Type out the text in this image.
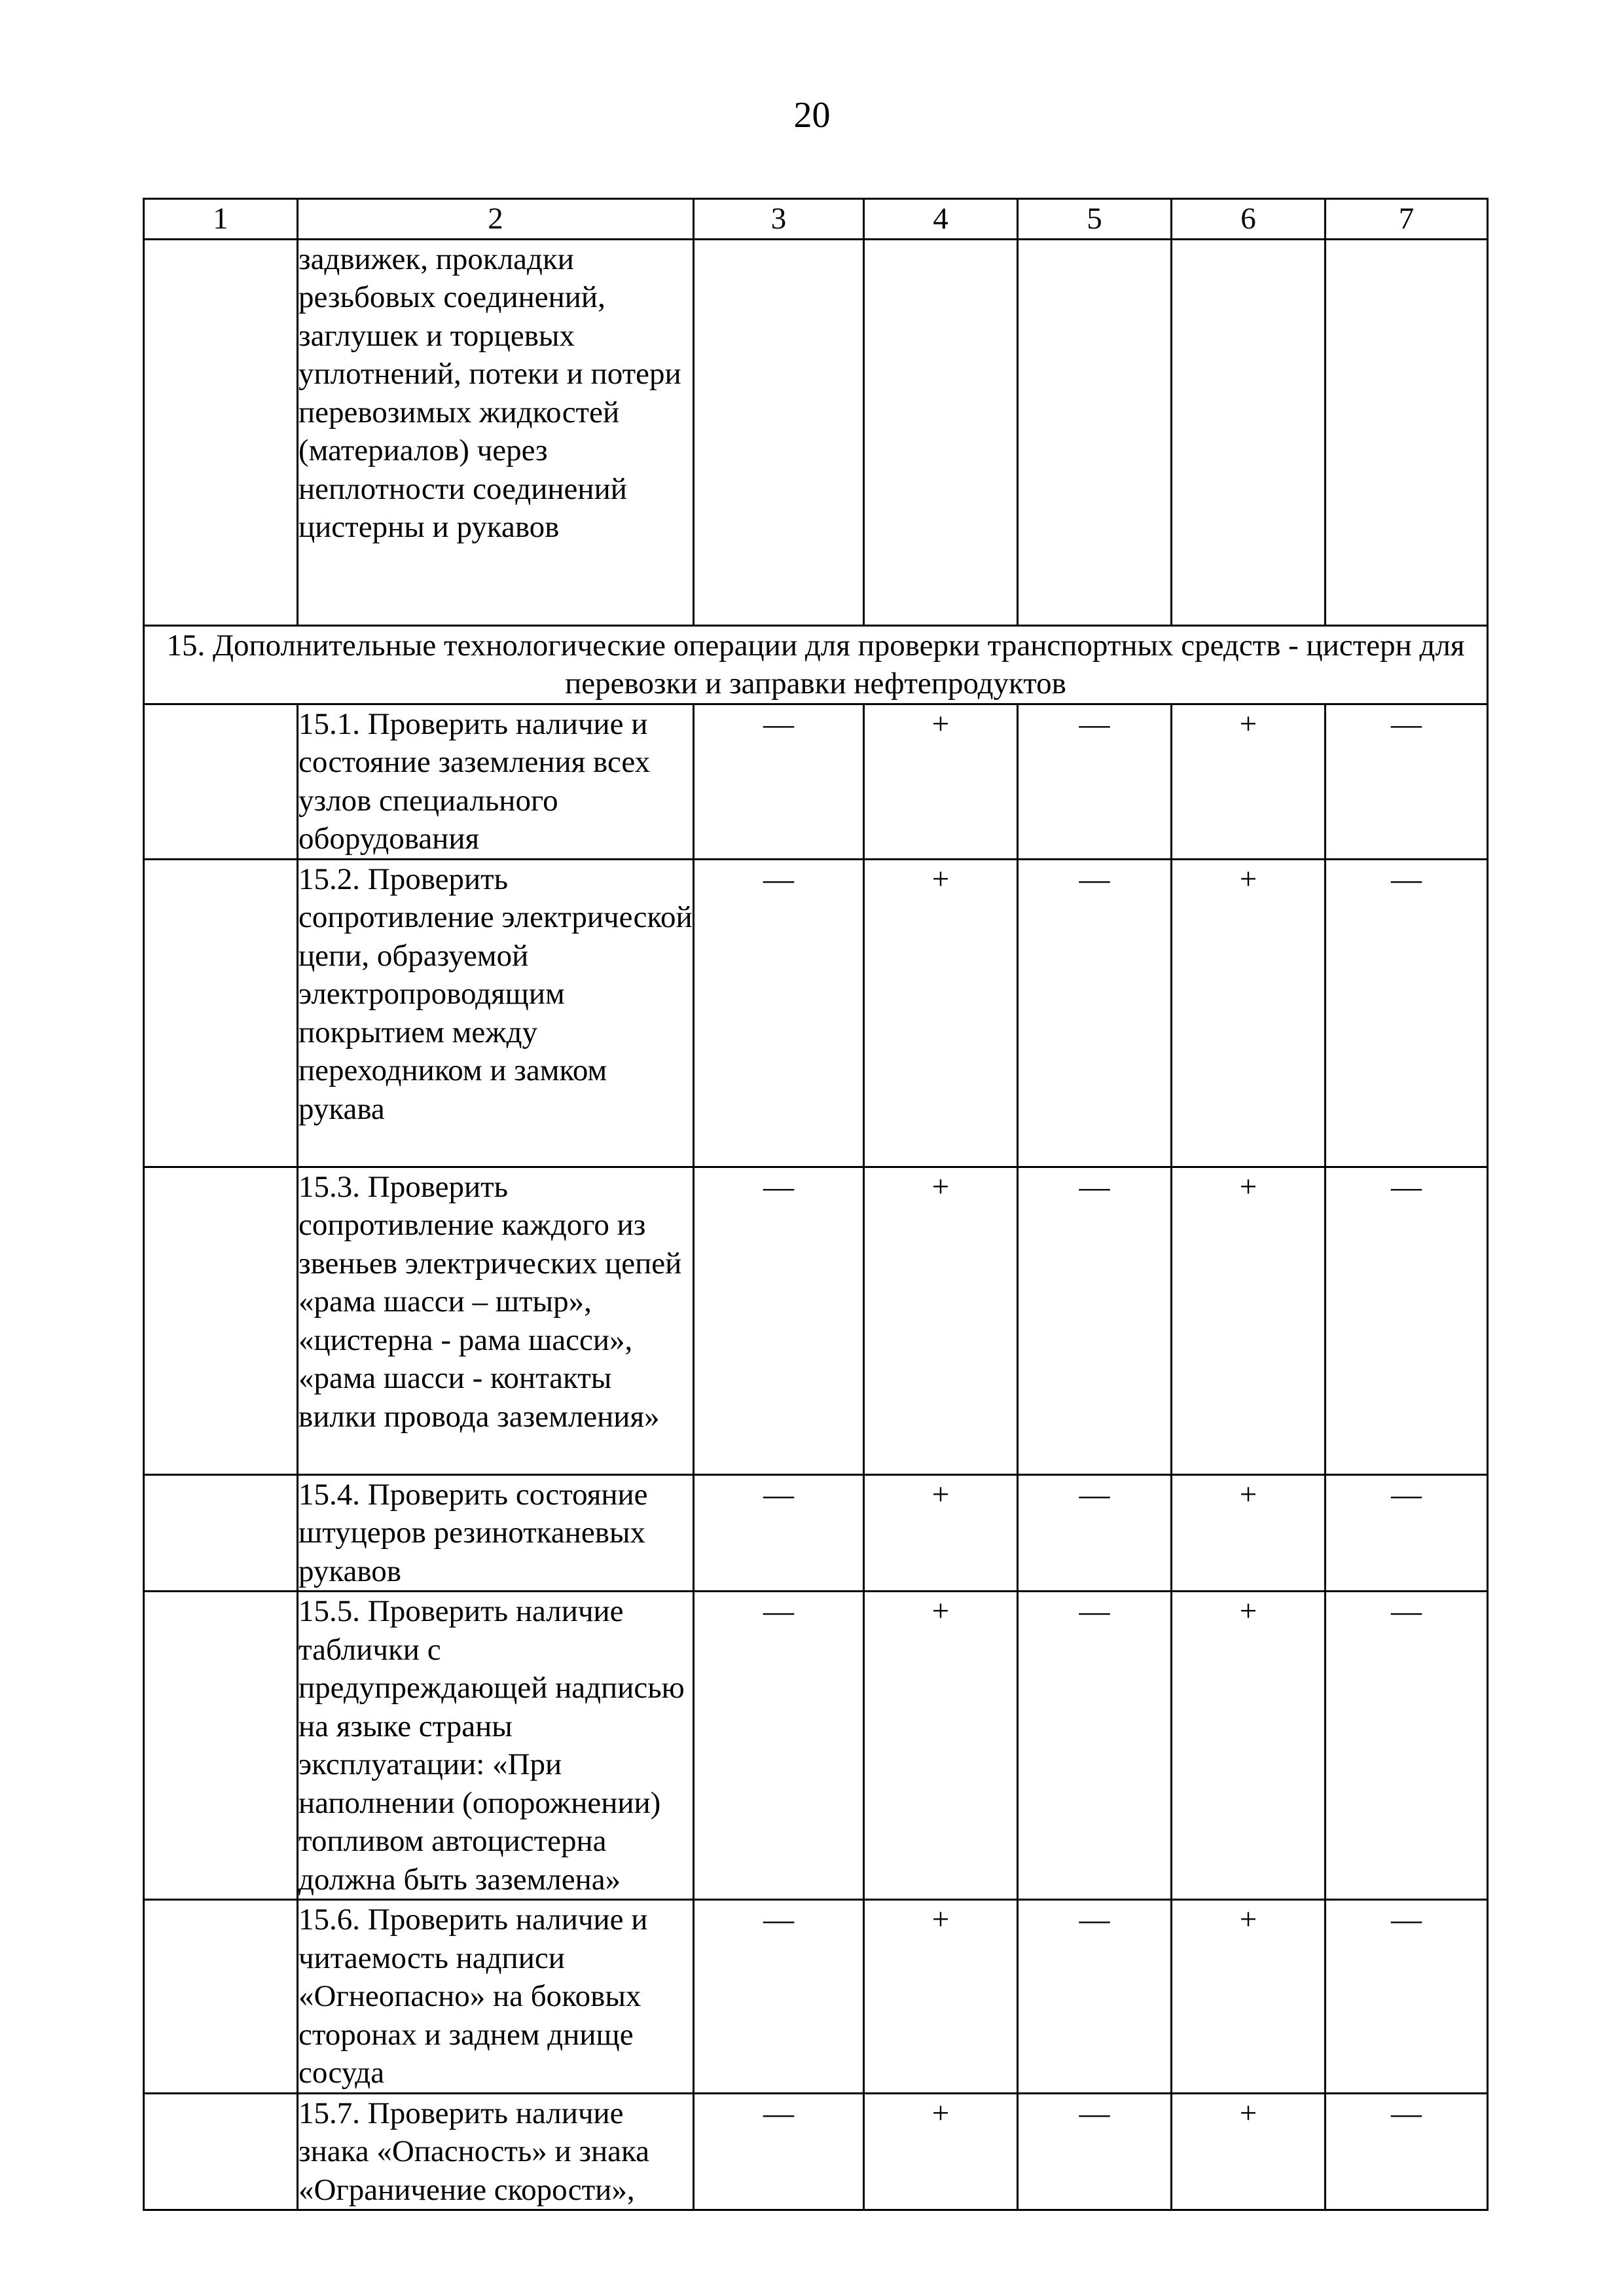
20
1	2	3	4	5	6	7
	задвижек, прокладки резьбовых соединений, заглушек и торцевых уплотнений, потеки и потери перевозимых жидкостей (материалов) через неплотности соединений цистерны и рукавов					
15. Дополнительные технологические операции для проверки транспортных средств - цистерн для перевозки и заправки нефтепродуктов						
	15.1. Проверить наличие и состояние заземления всех узлов специального оборудования	—	+	—	+	—
	15.2. Проверить сопротивление электрической цепи, образуемой электропроводящим покрытием между переходником и замком рукава	—	+	—	+	—
	15.3. Проверить сопротивление каждого из звеньев электрических цепей «рама шасси – штыр», «цистерна - рама шасси», «рама шасси - контакты вилки провода заземления»	—	+	—	+	—
	15.4. Проверить состояние штуцеров резинотканевых рукавов	—	+	—	+	—
	15.5. Проверить наличие таблички с предупреждающей надписью на языке страны эксплуатации: «При наполнении (опорожнении) топливом автоцистерна должна быть заземлена»	—	+	—	+	—
	15.6. Проверить наличие и читаемость надписи «Огнеопасно» на боковых сторонах и заднем днище сосуда	—	+	—	+	—
	15.7. Проверить наличие знака «Опасность» и знака «Ограничение скорости»,	—	+	—	+	—
